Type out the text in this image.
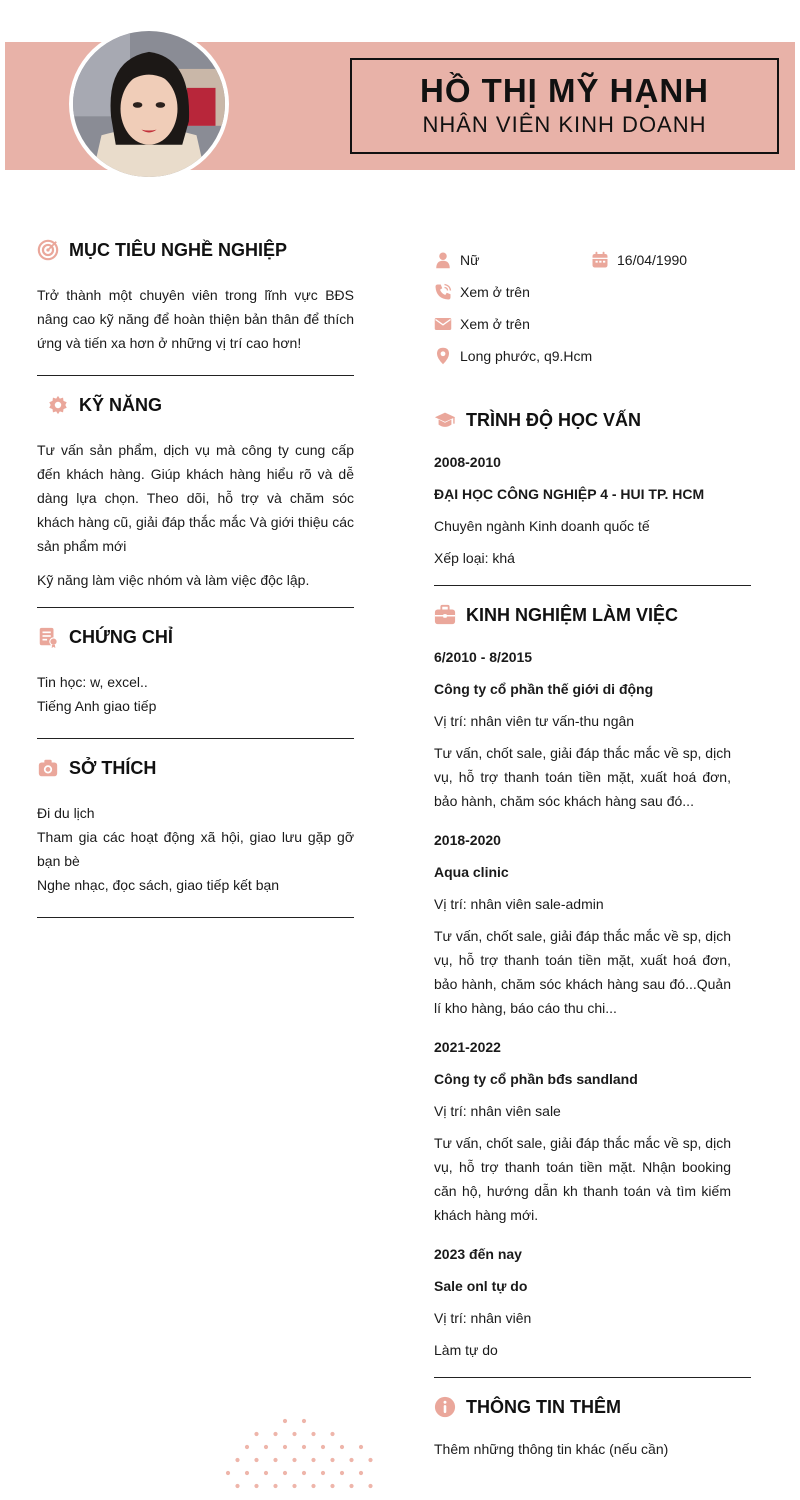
HỒ THỊ MỸ HẠNH
NHÂN VIÊN KINH DOANH
MỤC TIÊU NGHỀ NGHIỆP
Trở thành một chuyên viên trong lĩnh vực BĐS nâng cao kỹ năng để hoàn thiện bản thân để thích ứng và tiến xa hơn ở những vị trí cao hơn!
KỸ NĂNG
Tư vấn sản phẩm, dịch vụ mà công ty cung cấp đến khách hàng. Giúp khách hàng hiểu rõ và dễ dàng lựa chọn. Theo dõi, hỗ trợ và chăm sóc khách hàng cũ, giải đáp thắc mắc Và giới thiệu các sản phẩm mới
Kỹ năng làm việc nhóm và làm việc độc lập.
CHỨNG CHỈ
Tin học: w, excel..
Tiếng Anh giao tiếp
SỞ THÍCH
Đi du lịch
Tham gia các hoạt động xã hội, giao lưu gặp gỡ bạn bè
Nghe nhạc, đọc sách, giao tiếp kết bạn
Nữ	16/04/1990
Xem ở trên
Xem ở trên
Long phước, q9.Hcm
TRÌNH ĐỘ HỌC VẤN
2008-2010
ĐẠI HỌC CÔNG NGHIỆP 4 - HUI TP. HCM
Chuyên ngành Kinh doanh quốc tế
Xếp loại: khá
KINH NGHIỆM LÀM VIỆC
6/2010 - 8/2015
Công ty cổ phần thế giới di động
Vị trí: nhân viên tư vấn-thu ngân
Tư vấn, chốt sale, giải đáp thắc mắc về sp, dịch vụ, hỗ trợ thanh toán tiền mặt, xuất hoá đơn, bảo hành, chăm sóc khách hàng sau đó...
2018-2020
Aqua clinic
Vị trí: nhân viên sale-admin
Tư vấn, chốt sale, giải đáp thắc mắc về sp, dịch vụ, hỗ trợ thanh toán tiền mặt, xuất hoá đơn, bảo hành, chăm sóc khách hàng sau đó...Quản lí kho hàng, báo cáo thu chi...
2021-2022
Công ty cổ phần bđs sandland
Vị trí: nhân viên sale
Tư vấn, chốt sale, giải đáp thắc mắc về sp, dịch vụ, hỗ trợ thanh toán tiền mặt. Nhận booking căn hộ, hướng dẫn kh thanh toán và tìm kiếm khách hàng mới.
2023 đến nay
Sale onl tự do
Vị trí: nhân viên
Làm tự do
THÔNG TIN THÊM
Thêm những thông tin khác (nếu cần)
